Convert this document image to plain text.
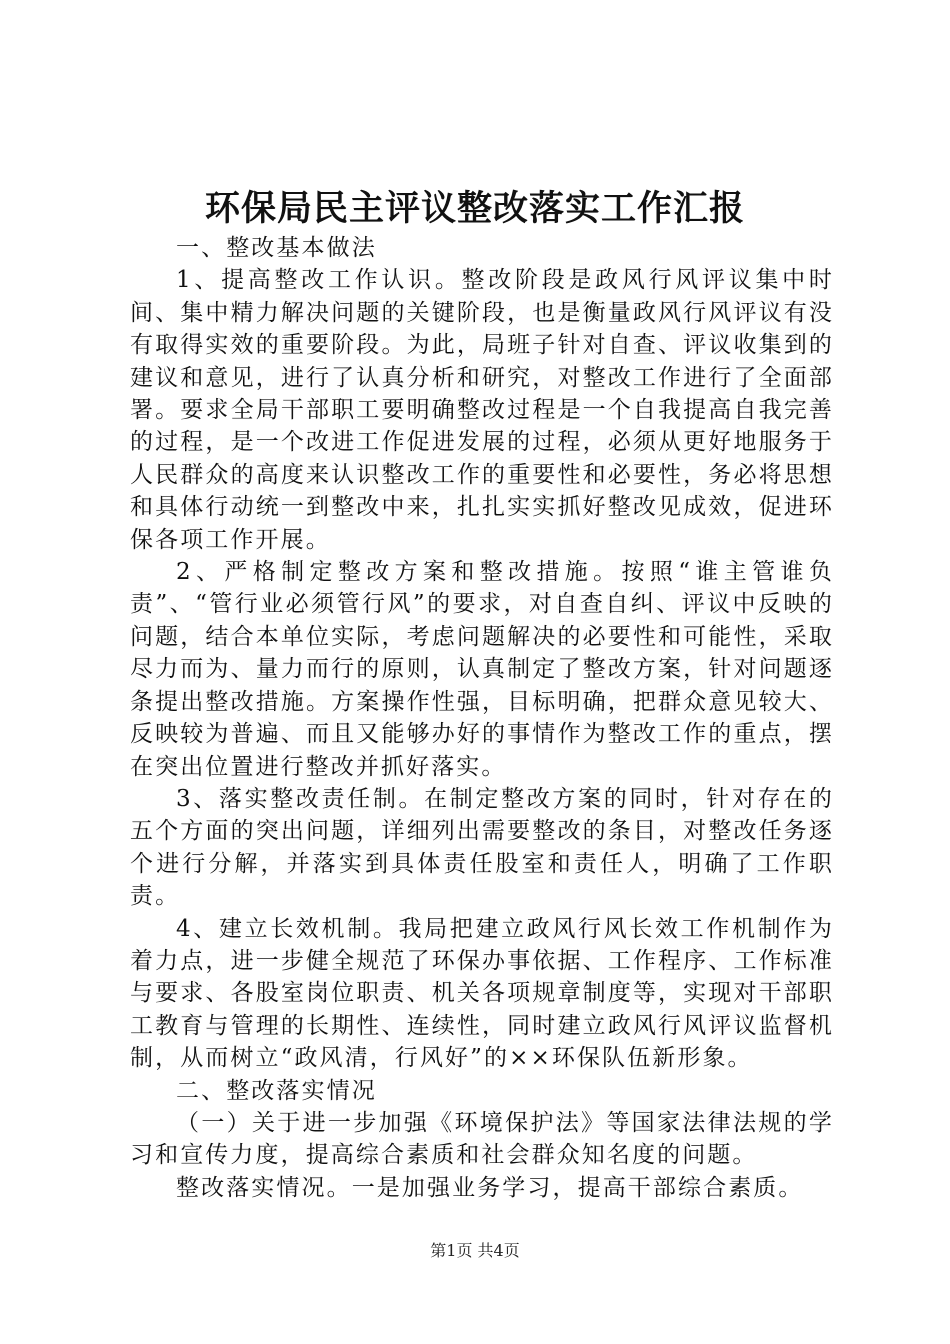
环保局民主评议整改落实工作汇报

一、整改基本做法

1、提高整改工作认识。整改阶段是政风行风评议集中时间、集中精力解决问题的关键阶段，也是衡量政风行风评议有没有取得实效的重要阶段。为此，局班子针对自查、评议收集到的建议和意见，进行了认真分析和研究，对整改工作进行了全面部署。要求全局干部职工要明确整改过程是一个自我提高自我完善的过程，是一个改进工作促进发展的过程，必须从更好地服务于人民群众的高度来认识整改工作的重要性和必要性，务必将思想和具体行动统一到整改中来，扎扎实实抓好整改见成效，促进环保各项工作开展。

2、严格制定整改方案和整改措施。按照“谁主管谁负责”、“管行业必须管行风”的要求，对自查自纠、评议中反映的问题，结合本单位实际，考虑问题解决的必要性和可能性，采取尽力而为、量力而行的原则，认真制定了整改方案，针对问题逐条提出整改措施。方案操作性强，目标明确，把群众意见较大、反映较为普遍、而且又能够办好的事情作为整改工作的重点，摆在突出位置进行整改并抓好落实。

3、落实整改责任制。在制定整改方案的同时，针对存在的五个方面的突出问题，详细列出需要整改的条目，对整改任务逐个进行分解，并落实到具体责任股室和责任人，明确了工作职责。

4、建立长效机制。我局把建立政风行风长效工作机制作为着力点，进一步健全规范了环保办事依据、工作程序、工作标准与要求、各股室岗位职责、机关各项规章制度等，实现对干部职工教育与管理的长期性、连续性，同时建立政风行风评议监督机制，从而树立“政风清，行风好”的××环保队伍新形象。

二、整改落实情况

（一）关于进一步加强《环境保护法》等国家法律法规的学习和宣传力度，提高综合素质和社会群众知名度的问题。

整改落实情况。一是加强业务学习，提高干部综合素质。

第1页 共4页
